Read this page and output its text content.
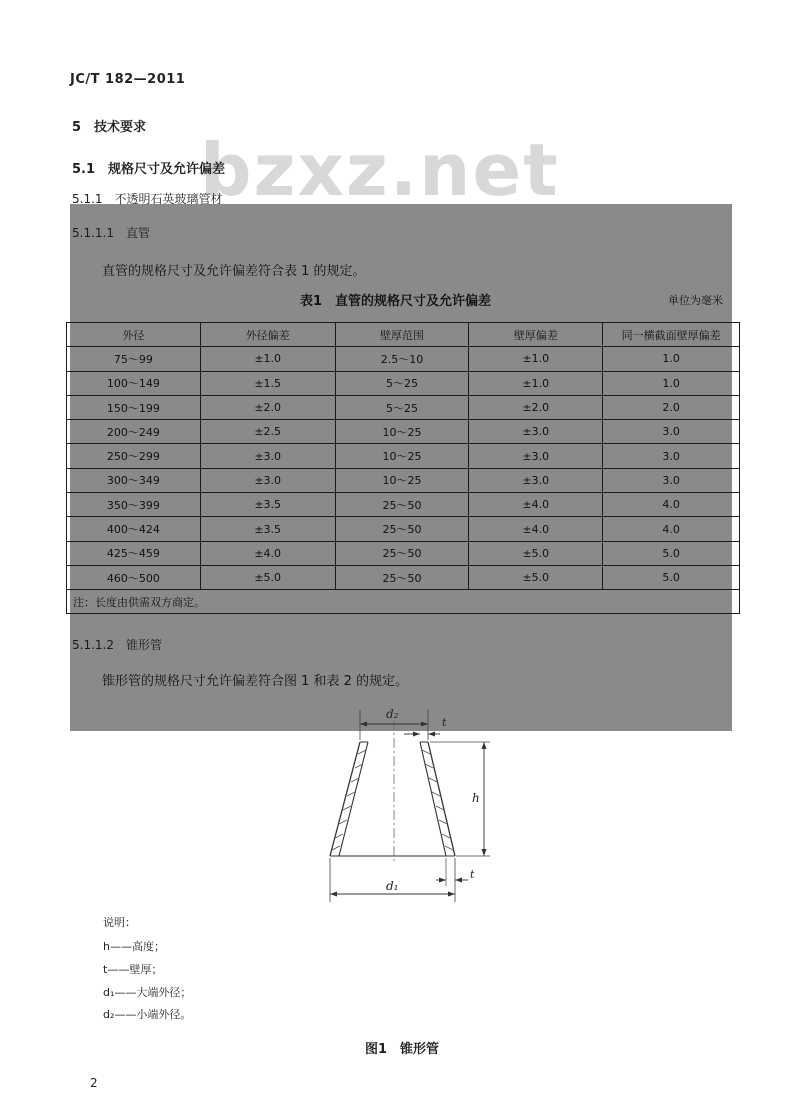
bzxz.net
JC/T 182—2011
5　技术要求
5.1　规格尺寸及允许偏差
5.1.1　不透明石英玻璃管材
5.1.1.1　直管
直管的规格尺寸及允许偏差符合表 1 的规定。
表1　直管的规格尺寸及允许偏差	单位为毫米
外径	外径偏差	壁厚范围	壁厚偏差	同一横截面壁厚偏差
75～99	±1.0	2.5～10	±1.0	1.0
100～149	±1.5	5～25	±1.0	1.0
150～199	±2.0	5～25	±2.0	2.0
200～249	±2.5	10～25	±3.0	3.0
250～299	±3.0	10～25	±3.0	3.0
300～349	±3.0	10～25	±3.0	3.0
350～399	±3.5	25～50	±4.0	4.0
400～424	±3.5	25～50	±4.0	4.0
425～459	±4.0	25～50	±5.0	5.0
460～500	±5.0	25～50	±5.0	5.0
注：长度由供需双方商定。				
5.1.1.2　锥形管
锥形管的规格尺寸允许偏差符合图 1 和表 2 的规定。
d₂
t
h
d₁
t
说明：
h——高度；
t——壁厚；
d₁——大端外径；
d₂——小端外径。
图1　锥形管
2
